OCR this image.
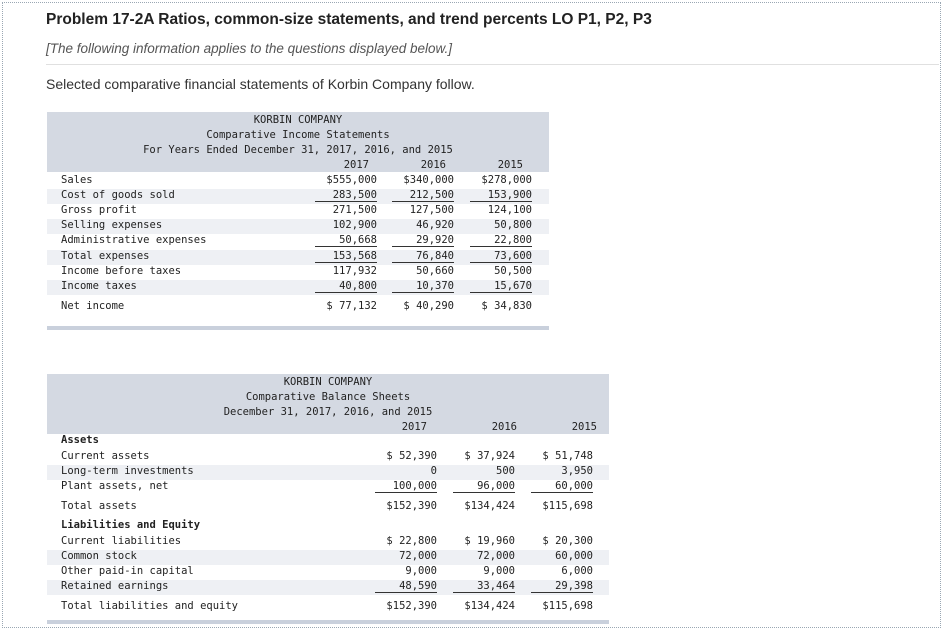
Problem 17-2A Ratios, common-size statements, and trend percents LO P1, P2, P3
[The following information applies to the questions displayed below.]
Selected comparative financial statements of Korbin Company follow.
KORBIN COMPANY
Comparative Income Statements
For Years Ended December 31, 2017, 2016, and 2015
2017	2016	2015
Sales	$555,000	$340,000	$278,000
Cost of goods sold	283,500	212,500	153,900
Gross profit	271,500	127,500	124,100
Selling expenses	102,900	46,920	50,800
Administrative expenses	50,668	29,920	22,800
Total expenses	153,568	76,840	73,600
Income before taxes	117,932	50,660	50,500
Income taxes	40,800	10,370	15,670
Net income	$ 77,132	$ 40,290	$ 34,830
KORBIN COMPANY
Comparative Balance Sheets
December 31, 2017, 2016, and 2015
2017	2016	2015
Assets
Current assets	$ 52,390	$ 37,924	$ 51,748
Long-term investments	0	500	3,950
Plant assets, net	100,000	96,000	60,000
Total assets	$152,390	$134,424	$115,698
Liabilities and Equity
Current liabilities	$ 22,800	$ 19,960	$ 20,300
Common stock	72,000	72,000	60,000
Other paid-in capital	9,000	9,000	6,000
Retained earnings	48,590	33,464	29,398
Total liabilities and equity	$152,390	$134,424	$115,698
